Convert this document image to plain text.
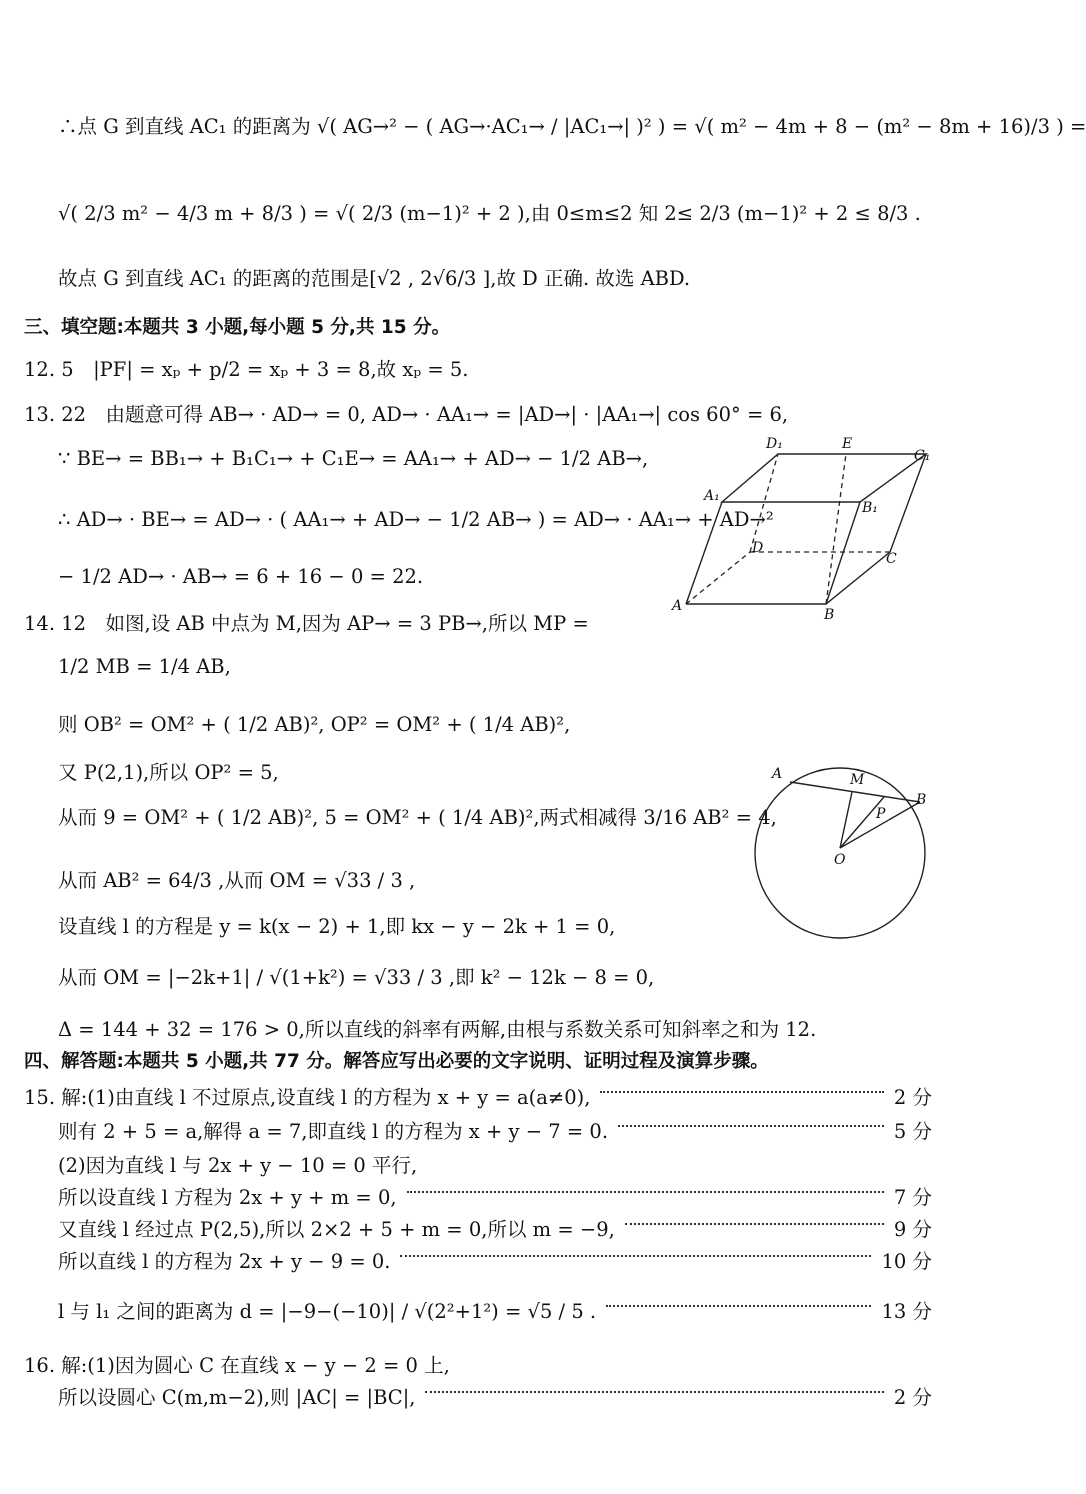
∴点 G 到直线 AC₁ 的距离为 √( AG→² − ( AG→·AC₁→ / |AC₁→| )² ) = √( m² − 4m + 8 − (m² − 8m + 16)/3 ) =
√( 2/3 m² − 4/3 m + 8/3 ) = √( 2/3 (m−1)² + 2 ),由 0≤m≤2 知 2≤ 2/3 (m−1)² + 2 ≤ 8/3 .
故点 G 到直线 AC₁ 的距离的范围是[√2 , 2√6/3 ],故 D 正确. 故选 ABD.
三、填空题:本题共 3 小题,每小题 5 分,共 15 分。
12. 5　|PF| = xₚ + p/2 = xₚ + 3 = 8,故 xₚ = 5.
13. 22　由题意可得 AB→ · AD→ = 0, AD→ · AA₁→ = |AD→| · |AA₁→| cos 60° = 6,
∵ BE→ = BB₁→ + B₁C₁→ + C₁E→ = AA₁→ + AD→ − 1/2 AB→,
∴ AD→ · BE→ = AD→ · ( AA₁→ + AD→ − 1/2 AB→ ) = AD→ · AA₁→ + AD→²
− 1/2 AD→ · AB→ = 6 + 16 − 0 = 22.
A
B
C
D
A₁
B₁
C₁
D₁	E
14. 12　如图,设 AB 中点为 M,因为 AP→ = 3 PB→,所以 MP =
1/2 MB = 1/4 AB,
则 OB² = OM² + ( 1/2 AB)², OP² = OM² + ( 1/4 AB)²,
又 P(2,1),所以 OP² = 5,
从而 9 = OM² + ( 1/2 AB)², 5 = OM² + ( 1/4 AB)²,两式相减得 3/16 AB² = 4,
从而 AB² = 64/3 ,从而 OM = √33 / 3 ,
设直线 l 的方程是 y = k(x − 2) + 1,即 kx − y − 2k + 1 = 0,
从而 OM = |−2k+1| / √(1+k²) = √33 / 3 ,即 k² − 12k − 8 = 0,
Δ = 144 + 32 = 176 > 0,所以直线的斜率有两解,由根与系数关系可知斜率之和为 12.
A
B
M
P
O
四、解答题:本题共 5 小题,共 77 分。解答应写出必要的文字说明、证明过程及演算步骤。
15. 解:(1)由直线 l 不过原点,设直线 l 的方程为 x + y = a(a≠0),	2 分
则有 2 + 5 = a,解得 a = 7,即直线 l 的方程为 x + y − 7 = 0.	5 分
(2)因为直线 l 与 2x + y − 10 = 0 平行,
所以设直线 l 方程为 2x + y + m = 0,	7 分
又直线 l 经过点 P(2,5),所以 2×2 + 5 + m = 0,所以 m = −9,	9 分
所以直线 l 的方程为 2x + y − 9 = 0.	10 分
l 与 l₁ 之间的距离为 d = |−9−(−10)| / √(2²+1²) = √5 / 5 .	13 分
16. 解:(1)因为圆心 C 在直线 x − y − 2 = 0 上,
所以设圆心 C(m,m−2),则 |AC| = |BC|,	2 分
